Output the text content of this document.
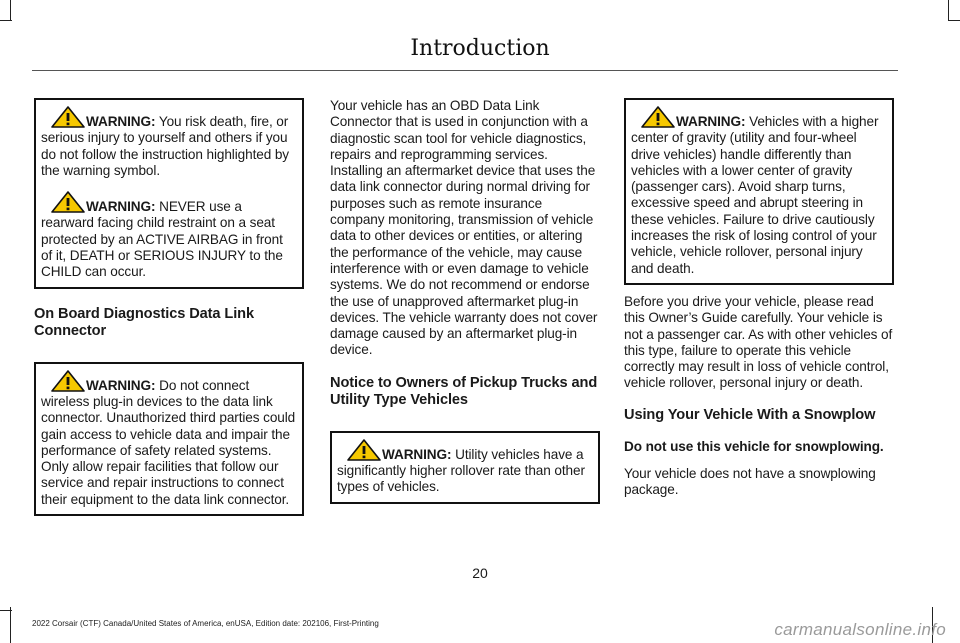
Introduction

WARNING: You risk death, fire, or serious injury to yourself and others if you do not follow the instruction highlighted by the warning symbol.

WARNING: NEVER use a rearward facing child restraint on a seat protected by an ACTIVE AIRBAG in front of it, DEATH or SERIOUS INJURY to the CHILD can occur.

On Board Diagnostics Data Link Connector

WARNING: Do not connect wireless plug-in devices to the data link connector. Unauthorized third parties could gain access to vehicle data and impair the performance of safety related systems. Only allow repair facilities that follow our service and repair instructions to connect their equipment to the data link connector.

Your vehicle has an OBD Data Link Connector that is used in conjunction with a diagnostic scan tool for vehicle diagnostics, repairs and reprogramming services. Installing an aftermarket device that uses the data link connector during normal driving for purposes such as remote insurance company monitoring, transmission of vehicle data to other devices or entities, or altering the performance of the vehicle, may cause interference with or even damage to vehicle systems. We do not recommend or endorse the use of unapproved aftermarket plug-in devices. The vehicle warranty does not cover damage caused by an aftermarket plug-in device.

Notice to Owners of Pickup Trucks and Utility Type Vehicles

WARNING: Utility vehicles have a significantly higher rollover rate than other types of vehicles.

WARNING: Vehicles with a higher center of gravity (utility and four-wheel drive vehicles) handle differently than vehicles with a lower center of gravity (passenger cars). Avoid sharp turns, excessive speed and abrupt steering in these vehicles. Failure to drive cautiously increases the risk of losing control of your vehicle, vehicle rollover, personal injury and death.

Before you drive your vehicle, please read this Owner’s Guide carefully. Your vehicle is not a passenger car. As with other vehicles of this type, failure to operate this vehicle correctly may result in loss of vehicle control, vehicle rollover, personal injury or death.

Using Your Vehicle With a Snowplow

Do not use this vehicle for snowplowing.

Your vehicle does not have a snowplowing package.

20
2022 Corsair (CTF) Canada/United States of America, enUSA, Edition date: 202106, First-Printing	carmanualsonline.info
